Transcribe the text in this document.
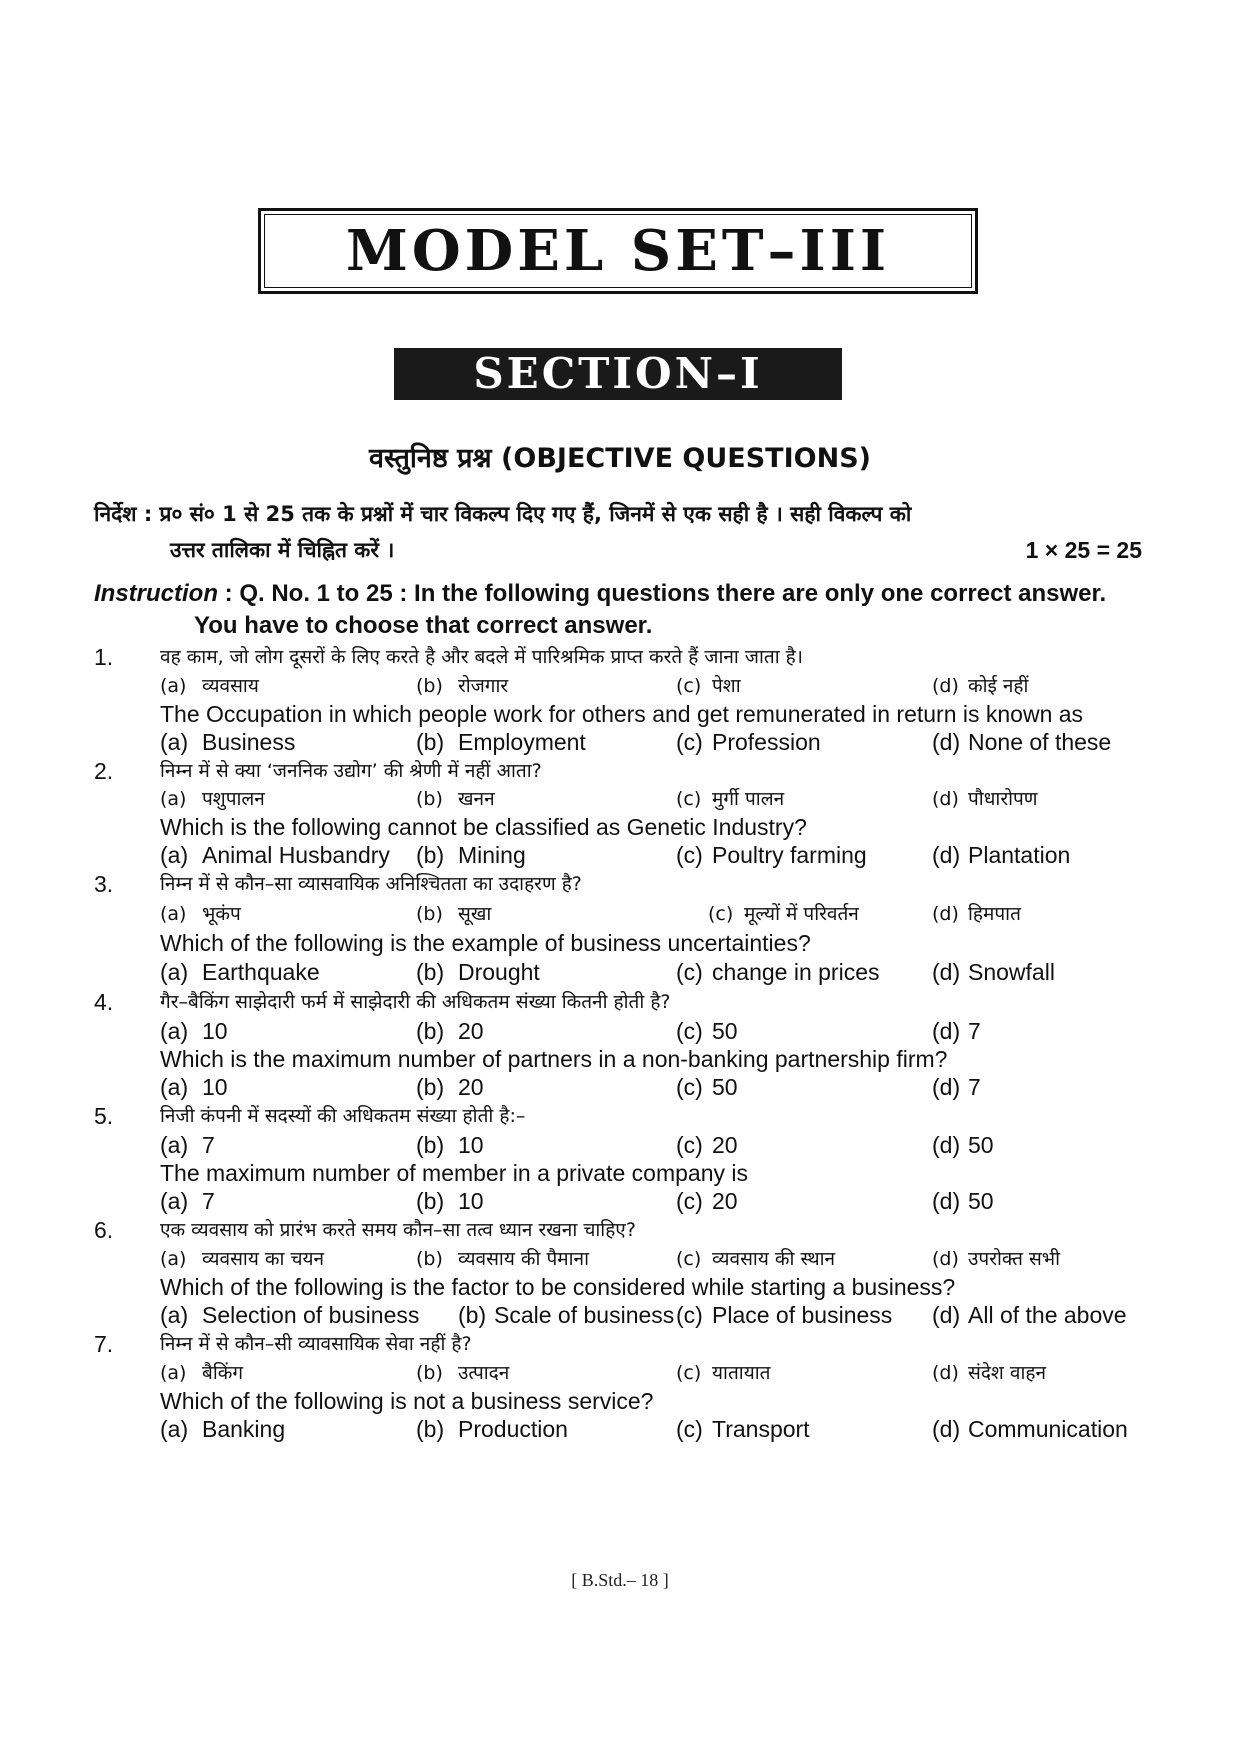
MODEL SET–III
SECTION–I
वस्तुनिष्ठ प्रश्न (OBJECTIVE QUESTIONS)
निर्देश : प्र० सं० 1 से 25 तक के प्रश्नों में चार विकल्प दिए गए हैं, जिनमें से एक सही है । सही विकल्प को
उत्तर तालिका में चिह्नित करें ।	1 × 25 = 25
Instruction : Q. No. 1 to 25 : In the following questions there are only one correct answer.
You have to choose that correct answer.
1. वह काम, जो लोग दूसरों के लिए करते है और बदले में पारिश्रमिक प्राप्त करते हैं जाना जाता है।
(a) व्यवसाय	(b) रोजगार	(c) पेशा	(d) कोई नहीं
The Occupation in which people work for others and get remunerated in return is known as
(a) Business	(b) Employment	(c) Profession	(d) None of these
2. निम्न में से क्या ‘जननिक उद्योग’ की श्रेणी में नहीं आता?
(a) पशुपालन	(b) खनन	(c) मुर्गी पालन	(d) पौधारोपण
Which is the following cannot be classified as Genetic Industry?
(a) Animal Husbandry (b) Mining	(c) Poultry farming	(d) Plantation
3. निम्न में से कौन–सा व्यासवायिक अनिश्चितता का उदाहरण है?
(a) भूकंप	(b) सूखा	(c) मूल्यों में परिवर्तन	(d) हिमपात
Which of the following is the example of business uncertainties?
(a) Earthquake	(b) Drought	(c) change in prices (d) Snowfall
4. गैर–बैकिंग साझेदारी फर्म में साझेदारी की अधिकतम संख्या कितनी होती है?
(a) 10	(b) 20	(c) 50	(d) 7
Which is the maximum number of partners in a non-banking partnership firm?
(a) 10	(b) 20	(c) 50	(d) 7
5. निजी कंपनी में सदस्यों की अधिकतम संख्या होती है:–
(a) 7	(b) 10	(c) 20	(d) 50
The maximum number of member in a private company is
(a) 7	(b) 10	(c) 20	(d) 50
6. एक व्यवसाय को प्रारंभ करते समय कौन–सा तत्व ध्यान रखना चाहिए?
(a) व्यवसाय का चयन	(b) व्यवसाय की पैमाना	(c) व्यवसाय की स्थान	(d) उपरोक्त सभी
Which of the following is the factor to be considered while starting a business?
(a) Selection of business (b) Scale of business (c) Place of business (d) All of the above
7. निम्न में से कौन–सी व्यावसायिक सेवा नहीं है?
(a) बैकिंग	(b) उत्पादन	(c) यातायात	(d) संदेश वाहन
Which of the following is not a business service?
(a) Banking	(b) Production	(c) Transport	(d) Communication
[ B.Std.– 18 ]
